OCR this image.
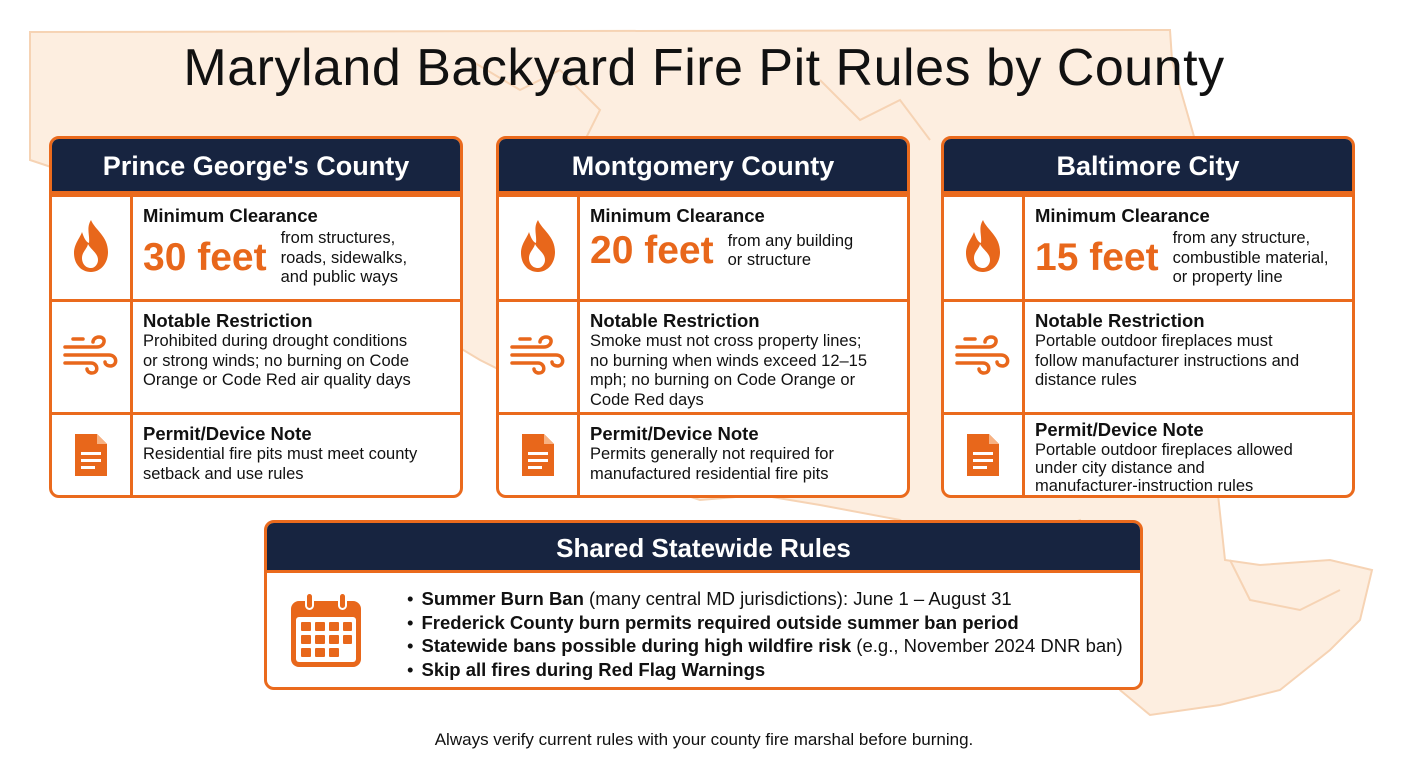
Maryland Backyard Fire Pit Rules by County
Prince George's County
Minimum Clearance
30 feet from structures,
roads, sidewalks,
and public ways
Notable Restriction
Prohibited during drought conditions
or strong winds; no burning on Code
Orange or Code Red air quality days
Permit/Device Note
Residential fire pits must meet county
setback and use rules
Montgomery County
Minimum Clearance
20 feet from any building
or structure
Notable Restriction
Smoke must not cross property lines;
no burning when winds exceed 12–15
mph; no burning on Code Orange or
Code Red days
Permit/Device Note
Permits generally not required for
manufactured residential fire pits
Baltimore City
Minimum Clearance
15 feet from any structure,
combustible material,
or property line
Notable Restriction
Portable outdoor fireplaces must
follow manufacturer instructions and
distance rules
Permit/Device Note
Portable outdoor fireplaces allowed
under city distance and
manufacturer-instruction rules
Shared Statewide Rules
• Summer Burn Ban (many central MD jurisdictions): June 1 – August 31
• Frederick County burn permits required outside summer ban period
• Statewide bans possible during high wildfire risk (e.g., November 2024 DNR ban)
• Skip all fires during Red Flag Warnings
Always verify current rules with your county fire marshal before burning.
